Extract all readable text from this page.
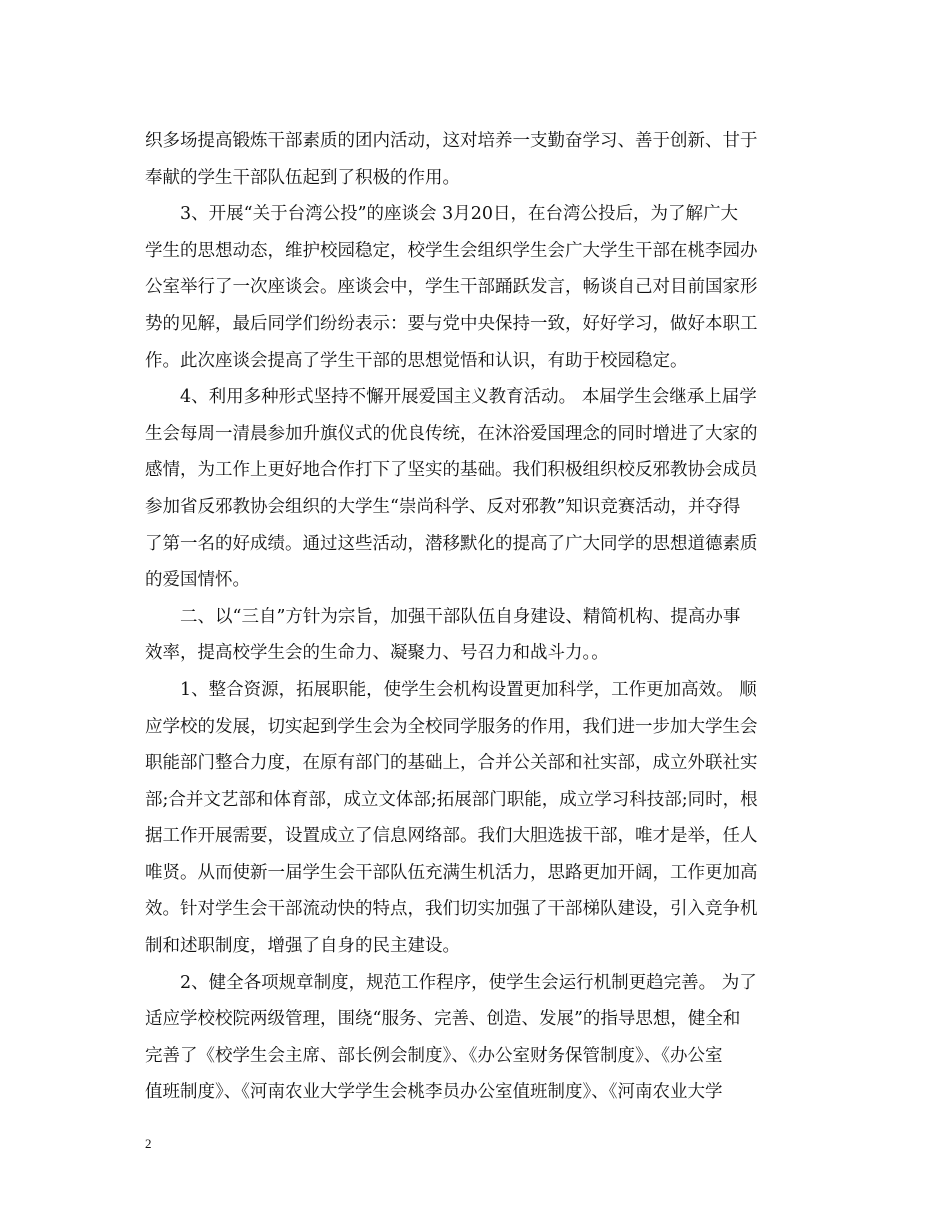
织多场提高锻炼干部素质的团内活动，这对培养一支勤奋学习、善于创新、甘于
奉献的学生干部队伍起到了积极的作用。
3、开展“关于台湾公投”的座谈会 3月20日，在台湾公投后，为了解广大
学生的思想动态，维护校园稳定，校学生会组织学生会广大学生干部在桃李园办
公室举行了一次座谈会。座谈会中，学生干部踊跃发言，畅谈自己对目前国家形
势的见解，最后同学们纷纷表示：要与党中央保持一致，好好学习，做好本职工
作。此次座谈会提高了学生干部的思想觉悟和认识，有助于校园稳定。
4、利用多种形式坚持不懈开展爱国主义教育活动。 本届学生会继承上届学
生会每周一清晨参加升旗仪式的优良传统，在沐浴爱国理念的同时增进了大家的
感情，为工作上更好地合作打下了坚实的基础。我们积极组织校反邪教协会成员
参加省反邪教协会组织的大学生“崇尚科学、反对邪教”知识竞赛活动，并夺得
了第一名的好成绩。通过这些活动，潜移默化的提高了广大同学的思想道德素质
的爱国情怀。
二、以“三自”方针为宗旨，加强干部队伍自身建设、精简机构、提高办事
效率，提高校学生会的生命力、凝聚力、号召力和战斗力。。
1、整合资源，拓展职能，使学生会机构设置更加科学，工作更加高效。 顺
应学校的发展，切实起到学生会为全校同学服务的作用，我们进一步加大学生会
职能部门整合力度，在原有部门的基础上，合并公关部和社实部，成立外联社实
部;合并文艺部和体育部，成立文体部;拓展部门职能，成立学习科技部;同时，根
据工作开展需要，设置成立了信息网络部。我们大胆选拔干部，唯才是举，任人
唯贤。从而使新一届学生会干部队伍充满生机活力，思路更加开阔，工作更加高
效。针对学生会干部流动快的特点，我们切实加强了干部梯队建设，引入竞争机
制和述职制度，增强了自身的民主建设。
2、健全各项规章制度，规范工作程序，使学生会运行机制更趋完善。 为了
适应学校校院两级管理，围绕“服务、完善、创造、发展”的指导思想，健全和
完善了《校学生会主席、部长例会制度》、《办公室财务保管制度》、《办公室
值班制度》、《河南农业大学学生会桃李员办公室值班制度》、《河南农业大学
2
